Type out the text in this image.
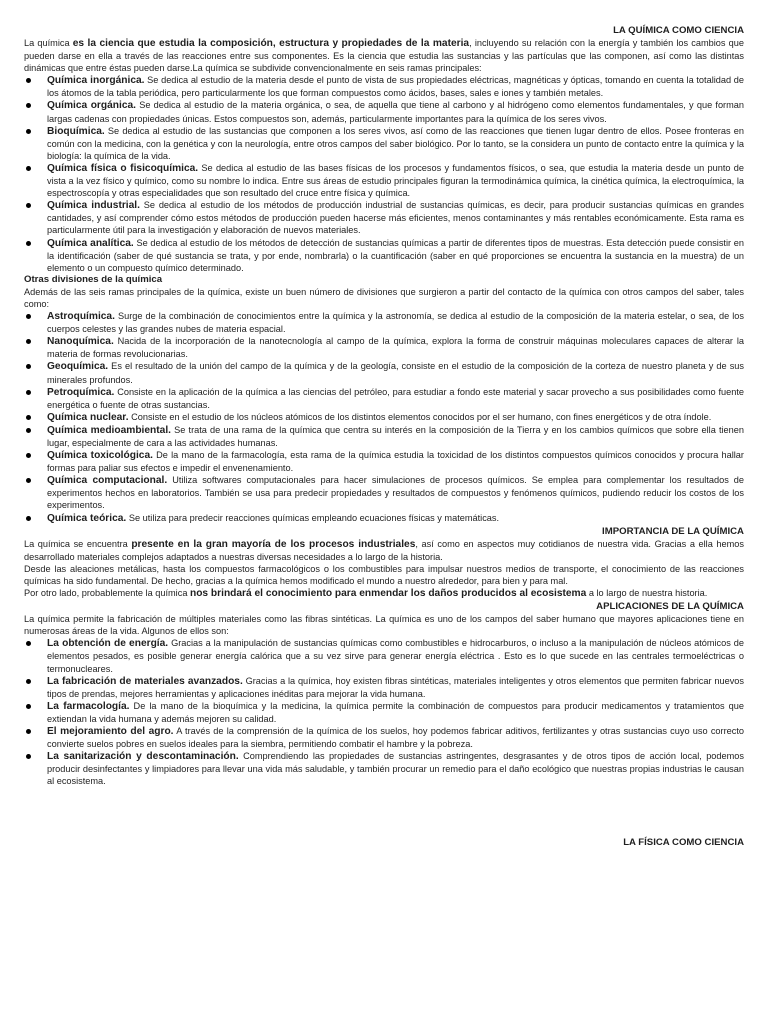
LA QUÍMICA COMO CIENCIA

La química es la ciencia que estudia la composición, estructura y propiedades de la materia, incluyendo su relación con la energía y también los cambios que pueden darse en ella a través de las reacciones entre sus componentes. Es la ciencia que estudia las sustancias y las partículas que las componen, así como las distintas dinámicas que entre éstas pueden darse.La química se subdivide convencionalmente en seis ramas principales:

Química inorgánica. Se dedica al estudio de la materia desde el punto de vista de sus propiedades eléctricas, magnéticas y ópticas, tomando en cuenta la totalidad de los átomos de la tabla periódica, pero particularmente los que forman compuestos como ácidos, bases, sales e iones y también metales.
Química orgánica. Se dedica al estudio de la materia orgánica, o sea, de aquella que tiene al carbono y al hidrógeno como elementos fundamentales, y que forman largas cadenas con propiedades únicas. Estos compuestos son, además, particularmente importantes para la química de los seres vivos.
Bioquímica. Se dedica al estudio de las sustancias que componen a los seres vivos, así como de las reacciones que tienen lugar dentro de ellos. Posee fronteras en común con la medicina, con la genética y con la neurología, entre otros campos del saber biológico. Por lo tanto, se la considera un punto de contacto entre la química y la biología: la química de la vida.
Química física o fisicoquímica. Se dedica al estudio de las bases físicas de los procesos y fundamentos físicos, o sea, que estudia la materia desde un punto de vista a la vez físico y químico, como su nombre lo indica. Entre sus áreas de estudio principales figuran la termodinámica química, la cinética química, la electroquímica, la espectroscopía y otras especialidades que son resultado del cruce entre física y química.
Química industrial. Se dedica al estudio de los métodos de producción industrial de sustancias químicas, es decir, para producir sustancias químicas en grandes cantidades, y así comprender cómo estos métodos de producción pueden hacerse más eficientes, menos contaminantes y más rentables económicamente. Esta rama es particularmente útil para la investigación y elaboración de nuevos materiales.
Química analítica. Se dedica al estudio de los métodos de detección de sustancias químicas a partir de diferentes tipos de muestras. Esta detección puede consistir en la identificación (saber de qué sustancia se trata, y por ende, nombrarla) o la cuantificación (saber en qué proporciones se encuentra la sustancia en la muestra) de un elemento o un compuesto químico determinado.
Otras divisiones de la química

Además de las seis ramas principales de la química, existe un buen número de divisiones que surgieron a partir del contacto de la química con otros campos del saber, tales como:

Astroquímica. Surge de la combinación de conocimientos entre la química y la astronomía, se dedica al estudio de la composición de la materia estelar, o sea, de los cuerpos celestes y las grandes nubes de materia espacial.
Nanoquímica. Nacida de la incorporación de la nanotecnología al campo de la química, explora la forma de construir máquinas moleculares capaces de alterar la materia de formas revolucionarias.
Geoquímica. Es el resultado de la unión del campo de la química y de la geología, consiste en el estudio de la composición de la corteza de nuestro planeta y de sus minerales profundos.
Petroquímica. Consiste en la aplicación de la química a las ciencias del petróleo, para estudiar a fondo este material y sacar provecho a sus posibilidades como fuente energética o fuente de otras sustancias.
Química nuclear. Consiste en el estudio de los núcleos atómicos de los distintos elementos conocidos por el ser humano, con fines energéticos y de otra índole.
Química medioambiental. Se trata de una rama de la química que centra su interés en la composición de la Tierra y en los cambios químicos que sobre ella tienen lugar, especialmente de cara a las actividades humanas.
Química toxicológica. De la mano de la farmacología, esta rama de la química estudia la toxicidad de los distintos compuestos químicos conocidos y procura hallar formas para paliar sus efectos e impedir el envenenamiento.
Química computacional. Utiliza softwares computacionales para hacer simulaciones de procesos químicos. Se emplea para complementar los resultados de experimentos hechos en laboratorios. También se usa para predecir propiedades y resultados de compuestos y fenómenos químicos, pudiendo reducir los costos de los experimentos.
Química teórica. Se utiliza para predecir reacciones químicas empleando ecuaciones físicas y matemáticas.
IMPORTANCIA DE LA QUÍMICA

La química se encuentra presente en la gran mayoría de los procesos industriales, así como en aspectos muy cotidianos de nuestra vida. Gracias a ella hemos desarrollado materiales complejos adaptados a nuestras diversas necesidades a lo largo de la historia.

Desde las aleaciones metálicas, hasta los compuestos farmacológicos o los combustibles para impulsar nuestros medios de transporte, el conocimiento de las reacciones químicas ha sido fundamental. De hecho, gracias a la química hemos modificado el mundo a nuestro alrededor, para bien y para mal.

Por otro lado, probablemente la química nos brindará el conocimiento para enmendar los daños producidos al ecosistema a lo largo de nuestra historia.

APLICACIONES DE LA QUÍMICA

La química permite la fabricación de múltiples materiales como las fibras sintéticas. La química es uno de los campos del saber humano que mayores aplicaciones tiene en numerosas áreas de la vida. Algunos de ellos son:

La obtención de energía. Gracias a la manipulación de sustancias químicas como combustibles e hidrocarburos, o incluso a la manipulación de núcleos atómicos de elementos pesados, es posible generar energía calórica que a su vez sirve para generar energía eléctrica . Esto es lo que sucede en las centrales termoeléctricas o termonucleares.
La fabricación de materiales avanzados. Gracias a la química, hoy existen fibras sintéticas, materiales inteligentes y otros elementos que permiten fabricar nuevos tipos de prendas, mejores herramientas y aplicaciones inéditas para mejorar la vida humana.
La farmacología. De la mano de la bioquímica y la medicina, la química permite la combinación de compuestos para producir medicamentos y tratamientos que extiendan la vida humana y además mejoren su calidad.
El mejoramiento del agro. A través de la comprensión de la química de los suelos, hoy podemos fabricar aditivos, fertilizantes y otras sustancias cuyo uso correcto convierte suelos pobres en suelos ideales para la siembra, permitiendo combatir el hambre y la pobreza.
La sanitarización y descontaminación. Comprendiendo las propiedades de sustancias astringentes, desgrasantes y de otros tipos de acción local, podemos producir desinfectantes y limpiadores para llevar una vida más saludable, y también procurar un remedio para el daño ecológico que nuestras propias industrias le causan al ecosistema.
LA FÍSICA COMO CIENCIA
